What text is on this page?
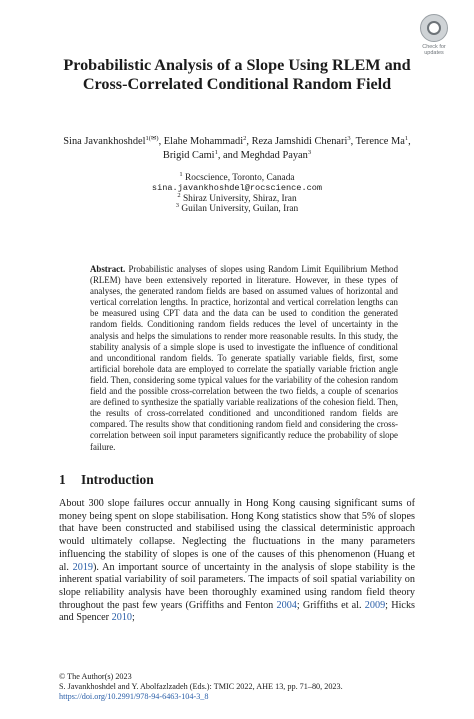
Check for updates
Probabilistic Analysis of a Slope Using RLEM and Cross-Correlated Conditional Random Field
Sina Javankhoshdel$^{1(✉)}$, Elahe Mohammadi$^2$, Reza Jamshidi Chenari$^3$, Terence Ma$^1$,
Brigid Cami$^1$, and Meghdad Payan$^3$
$^1$ Rocscience, Toronto, Canada
sina.javankhoshdel@rocscience.com
$^2$ Shiraz University, Shiraz, Iran
$^3$ Guilan University, Guilan, Iran
Abstract. Probabilistic analyses of slopes using Random Limit Equilibrium Method (RLEM) have been extensively reported in literature. However, in these types of analyses, the generated random fields are based on assumed values of horizontal and vertical correlation lengths. In practice, horizontal and vertical correlation lengths can be measured using CPT data and the data can be used to condition the generated random fields. Conditioning random fields reduces the level of uncertainty in the analysis and helps the simulations to render more reasonable results. In this study, the stability analysis of a simple slope is used to investigate the influence of conditional and unconditional random fields. To generate spatially variable fields, first, some artificial borehole data are employed to correlate the spatially variable friction angle field. Then, considering some typical values for the variability of the cohesion random field and the possible cross-correlation between the two fields, a couple of scenarios are defined to synthesize the spatially variable realizations of the cohesion field. Then, the results of cross-correlated conditioned and unconditioned random fields are compared. The results show that conditioning random field and considering the cross-correlation between soil input parameters significantly reduce the probability of slope failure.
1 Introduction
About 300 slope failures occur annually in Hong Kong causing significant sums of money being spent on slope stabilisation. Hong Kong statistics show that 5% of slopes that have been constructed and stabilised using the classical deterministic approach would ultimately collapse. Neglecting the fluctuations in the many parameters influencing the stability of slopes is one of the causes of this phenomenon (Huang et al. 2019). An important source of uncertainty in the analysis of slope stability is the inherent spatial variability of soil parameters. The impacts of soil spatial variability on slope reliability analysis have been thoroughly examined using random field theory throughout the past few years (Griffiths and Fenton 2004; Griffiths et al. 2009; Hicks and Spencer 2010;
© The Author(s) 2023
S. Javankhoshdel and Y. Abolfazlzadeh (Eds.): TMIC 2022, AHE 13, pp. 71–80, 2023.
https://doi.org/10.2991/978-94-6463-104-3_8
